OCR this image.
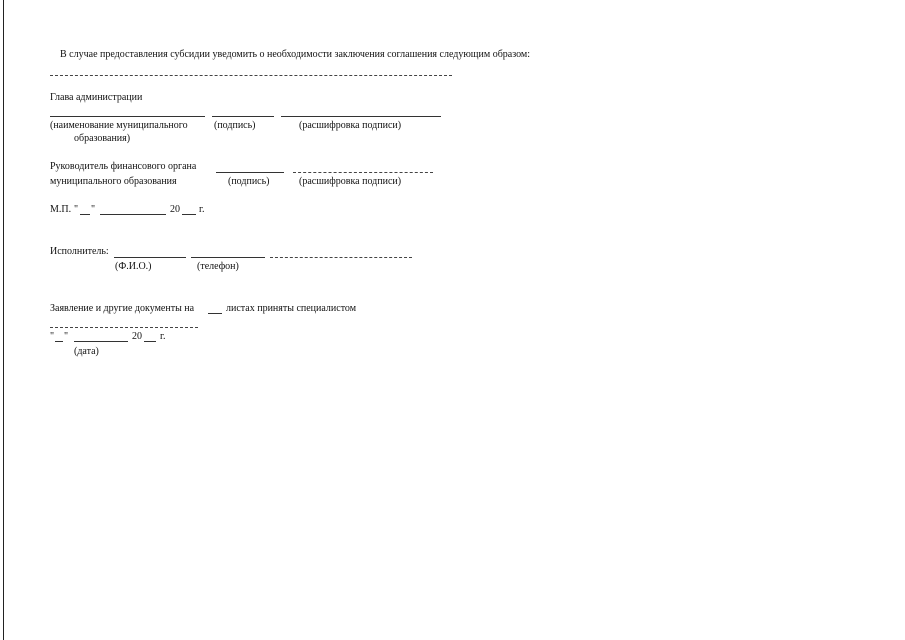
В случае предоставления субсидии уведомить о необходимости заключения соглашения следующим образом:
Глава администрации
(наименование муниципального	(подпись)	(расшифровка подписи)
образования)
Руководитель финансового органа
муниципального образования	(подпись)	(расшифровка подписи)
М.П. " "	20 г.
Исполнитель:
(Ф.И.О.)	(телефон)
Заявление и другие документы на	листах приняты специалистом
" "	20 г.
(дата)
